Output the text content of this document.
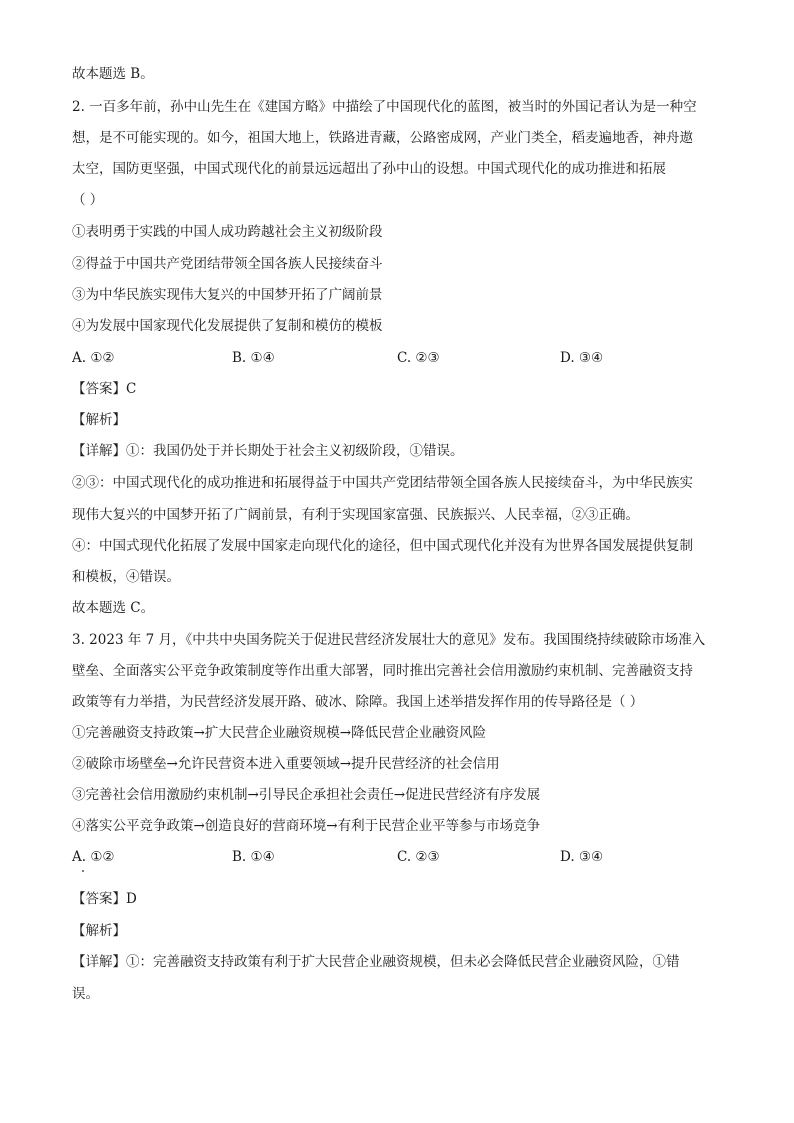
故本题选 B。
2. 一百多年前，孙中山先生在《建国方略》中描绘了中国现代化的蓝图，被当时的外国记者认为是一种空
想，是不可能实现的。如今，祖国大地上，铁路进青藏，公路密成网，产业门类全，稻麦遍地香，神舟遨
太空，国防更坚强，中国式现代化的前景远远超出了孙中山的设想。中国式现代化的成功推进和拓展
（ ）
①表明勇于实践的中国人成功跨越社会主义初级阶段
②得益于中国共产党团结带领全国各族人民接续奋斗
③为中华民族实现伟大复兴的中国梦开拓了广阔前景
④为发展中国家现代化发展提供了复制和模仿的模板
A. ①②	B. ①④	C. ②③	D. ③④
【答案】C
【解析】
【详解】①：我国仍处于并长期处于社会主义初级阶段，①错误。
②③：中国式现代化的成功推进和拓展得益于中国共产党团结带领全国各族人民接续奋斗，为中华民族实
现伟大复兴的中国梦开拓了广阔前景，有利于实现国家富强、民族振兴、人民幸福，②③正确。
④：中国式现代化拓展了发展中国家走向现代化的途径，但中国式现代化并没有为世界各国发展提供复制
和模板，④错误。
故本题选 C。
3. 2023 年 7 月，《中共中央国务院关于促进民营经济发展壮大的意见》发布。我国围绕持续破除市场准入
壁垒、全面落实公平竞争政策制度等作出重大部署，同时推出完善社会信用激励约束机制、完善融资支持
政策等有力举措，为民营经济发展开路、破冰、除障。我国上述举措发挥作用的传导路径是（ ）
①完善融资支持政策→扩大民营企业融资规模→降低民营企业融资风险
②破除市场壁垒→允许民营资本进入重要领域→提升民营经济的社会信用
③完善社会信用激励约束机制→引导民企承担社会责任→促进民营经济有序发展
④落实公平竞争政策→创造良好的营商环境→有利于民营企业平等参与市场竞争
A. ①②	B. ①④	C. ②③	D. ③④
【答案】D
【解析】
【详解】①：完善融资支持政策有利于扩大民营企业融资规模，但未必会降低民营企业融资风险，①错
误。
